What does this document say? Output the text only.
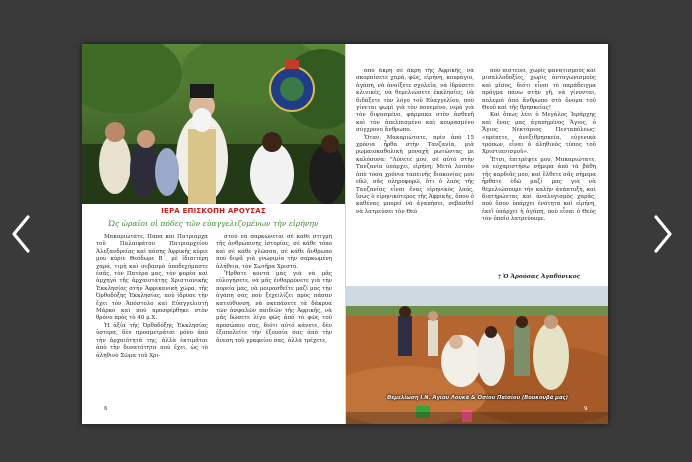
ΙΕΡΑ ΕΠΙΣΚΟΠΗ ΑΡΟΥΣΑΣ
Ὡς ὡραῖοι οἱ πόδες τῶν εὐαγγελιζομένων τὴν εἰρήνην

Μακαριώτατε, Πάπα καὶ Πατριάρχα τοῦ Παλαιφάτου Πατριαρχείου Ἀλεξανδρείας καὶ πάσης Ἀφρικῆς κύριε μου κύριε Θεόδωρε Β΄, μὲ ἰδιαιτέρη χαρά, τιμὴ καὶ σεβασμὸ ὑποδεχόμαστε ἐσᾶς, τὸν Πατέρα μας, τὸν φορέα καὶ ἀρχηγὸ τῆς ἀρχαιοτάτης Χριστιανικῆς Ἐκκλησίας στὴν Ἀφρικανικὴ χώρα, τῆς Ὀρθοδόξης Ἐκκλησίας, ποὺ ἱδρυσε τὴν ἔχει τὸν Ἀπόστολο καὶ Εὐαγγελιστὴ Μάρκο καὶ ποὺ προσφέρθηκε στὸν θρόνο πρὸς τὸ 40 μ.Χ.

Ἡ ἀξία τῆς Ὀρθοδόξης Ἐκκλησίας ὑστερα, δὲν προσμετρᾶται μόνο ἀπὸ τὴν ἀρχαιότητά της, ἀλλὰ ἐκτιμᾶται ἀπὸ τὴν δυνατότητα ποὺ ἔχει, ὡς τὸ ἀληθινὸ Σῶμα τοῦ Χρι-

στοῦ νὰ σαρκώνεται σὲ κάθε στιγμὴ τῆς ἀνθρώπινης ἱστορίας, σὲ κάθε τόπο καὶ σὲ κάθε γλῶσσα, σὲ κάθε ἄνθρωπο ποὺ διψᾶ γιὰ γνωριμία τὴν σαρκωμένη ἀλήθεια, τὸν Σωτῆρα Χριστό.

Ἤρθατε κοντά μας γιὰ νὰ μᾶς εὐλογήσετε, νὰ μᾶς ἐνθαρρύνετε γιὰ τὴν πορεία μας, νὰ μοιρασθεῖτε μαζί μας τὴν ἀγάπη σας ποὺ ξεχειλίζει πρὸς πάσαν κατεύθυνση, νὰ σκεπάσετε τὰ δάκρυα τῶν ἀσφαλῶν παιδιῶν τῆς Ἀφρικῆς, νὰ μᾶς δώσετε λίγο φῶς ἀπὸ τὸ φῶς τοῦ προσώπου σας, διότι αὐτό κάνετε, δὲν ἐξαπολείτε τὴν ἐξουσία σας ἀπὸ τὴν ἄνεση τοῦ γραφείου σας, ἀλλὰ τρέχετε,

6

ἀπὸ ἄκρη σὲ ἄκρη τῆς Ἀφρικῆς, νὰ σκορπίσετε χαρά, φῶς, εἰρήνη, κουράγιο, ἀγάπη, νὰ ἀνοίξετε σχολεῖα, νὰ ἱδρύσετε κλινικές, νὰ θεμελιώσετε ἐκκλησίες, νὰ διδάξετε τὸν λόγο τοῦ Εὐαγγελίου, ποὺ γίνεται ψωμὶ γιὰ τὸν πονεμένο, νερὸ γιὰ τὸν διψασμένο, φάρμακο στὸν ἀσθενῆ καὶ τὸν ἀπελπισμένο καὶ κουρασμένο σύγχρονο ἄνθρωπο.

Ὅταν, Μακαριώτατε, πρὶν ἀπὸ 15 χρόνια ἦρθα στὴν Τανζανία, μιὰ ρωμαιοκαθολικὴ μοναχὴ ρωτώντας με καλόσυνα: "Λύνετε μου, σὲ αὐτὸ στὴν Τανζανία ὑπάρχει, εἰρήνη; Μετὰ λοιπὸν ἀπὸ τόσα χρόνια ταπεινῆς διακονίας μου εδῶ, σᾶς πληροφορῶ, ὅτι ὁ λαὸς τῆς Τανζανίας εἶναι ἕνας εἰρηνικὸς λαός, ἴσως ὁ εἰρηνικότερος τῆς Ἀφρικῆς, ὅπου ὁ καθένας μπορεῖ νὰ ἀγαπήσει, σεβασθεῖ νὰ λατρεύσει τὸν Θεό

ποὺ πιστεύει, χωρὶς φανατισμοὺς καὶ μισαλλοδοξίες, χωρὶς ἀνταγωνισμοὺς καὶ μῖσος, διότι εἶναι τὸ παράδειγμα πράγμα πάνω στὴν γῆ, νὰ γίνονται, πολεμοὶ ἀπὸ ἄνθρωπο στὸ ὄνομα τοῦ Θεοῦ καὶ τῆς θρησκείας!

Καὶ ὅπως λέει ὁ Μεγάλος Ἱεράρχης καὶ ἕνας μας ἀγαπημένος Ἅγιος, ὁ Ἅγιος Νεκτάριος Πενταπόλεως: «πρέπετε, ἀνεξιθρησκεία, εὐγενικὰ τρόπων, εἶναι ὁ ἀληθινὸς τύπος τοῦ Χριστιανισμοῦ».

Ἔτσι, ἐπιτρέψτε μου, Μακαριώτατε, νὰ εὐχαριστήσω σήμερα ἀπὸ τὰ βάθη τῆς καρδιᾶς μου, καὶ ἔλθετε σᾶς σήμερα ἦρθατε ἐδῶ μαζί μας γιὰ νὰ θεμελιώσουμε τὴν καλὴν ἀνάπτυξη, καὶ διατηρώντας καὶ ἀναλογισμὸς χαρᾶς, ποὺ ὅσον ὑπάρχει ἐνότητα καὶ εἰρήνη, ἐκεῖ ὑπάρχει ἡ ἀγάπη, ποὺ εἶναι ὁ Θεὸς τὸν ὁποῖο λατρεύουμε.

† Ὁ Ἀρούσας Ἀγαθόνικος
Θεμελίωση Ι.Ν. Ἁγίου Λουκᾶ & Ὁσίου Παϊσίου (Βουκουβά μας)
9
